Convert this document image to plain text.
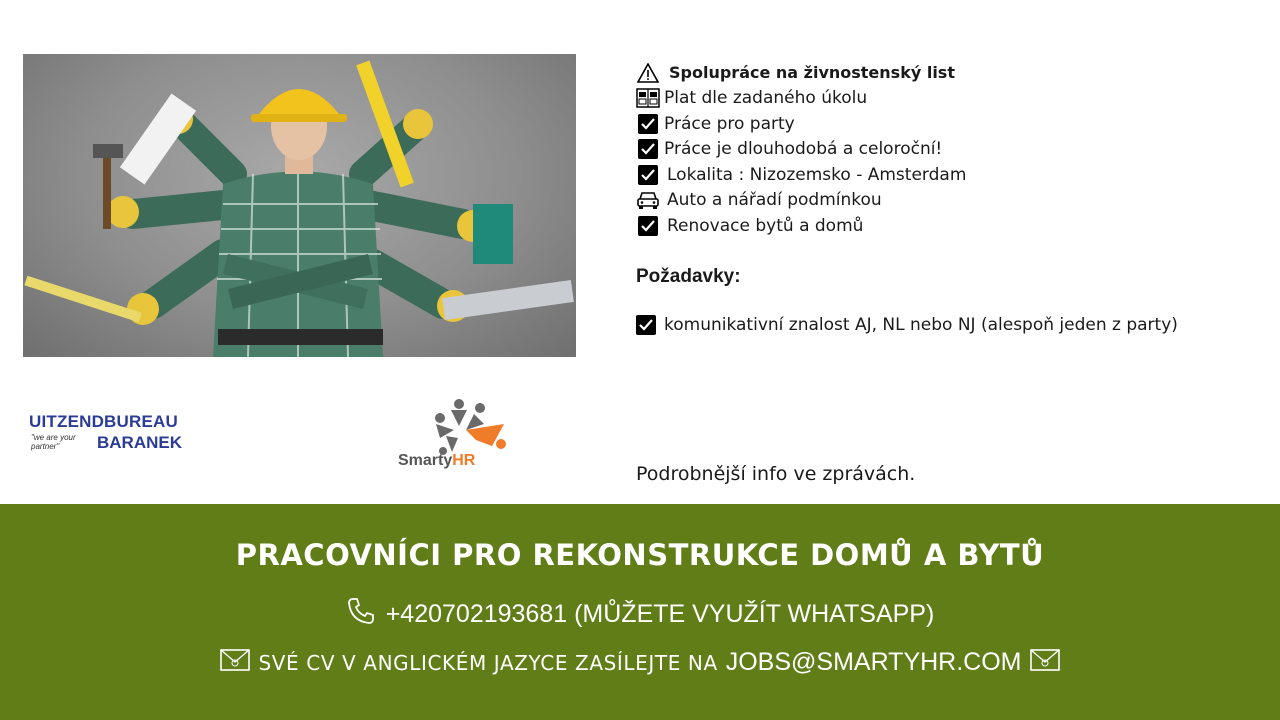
Spolupráce na živnostenský list
Plat dle zadaného úkolu
Práce pro party
Práce je dlouhodobá a celoroční!
Lokalita : Nizozemsko - Amsterdam
Auto a nářadí podmínkou
Renovace bytů a domů
Požadavky:
komunikativní znalost AJ, NL nebo NJ (alespoň jeden z party)
Podrobnější info ve zprávách.
UITZENDBUREAU
"we are your partner"	BARANEK
SmartyHR
PRACOVNÍCI PRO REKONSTRUKCE DOMŮ A BYTŮ
+420702193681 (MŮŽETE VYUŽÍT WHATSAPP)
SVÉ CV V ANGLICKÉM JAZYCE ZASÍLEJTE NA JOBS@SMARTYHR.COM
